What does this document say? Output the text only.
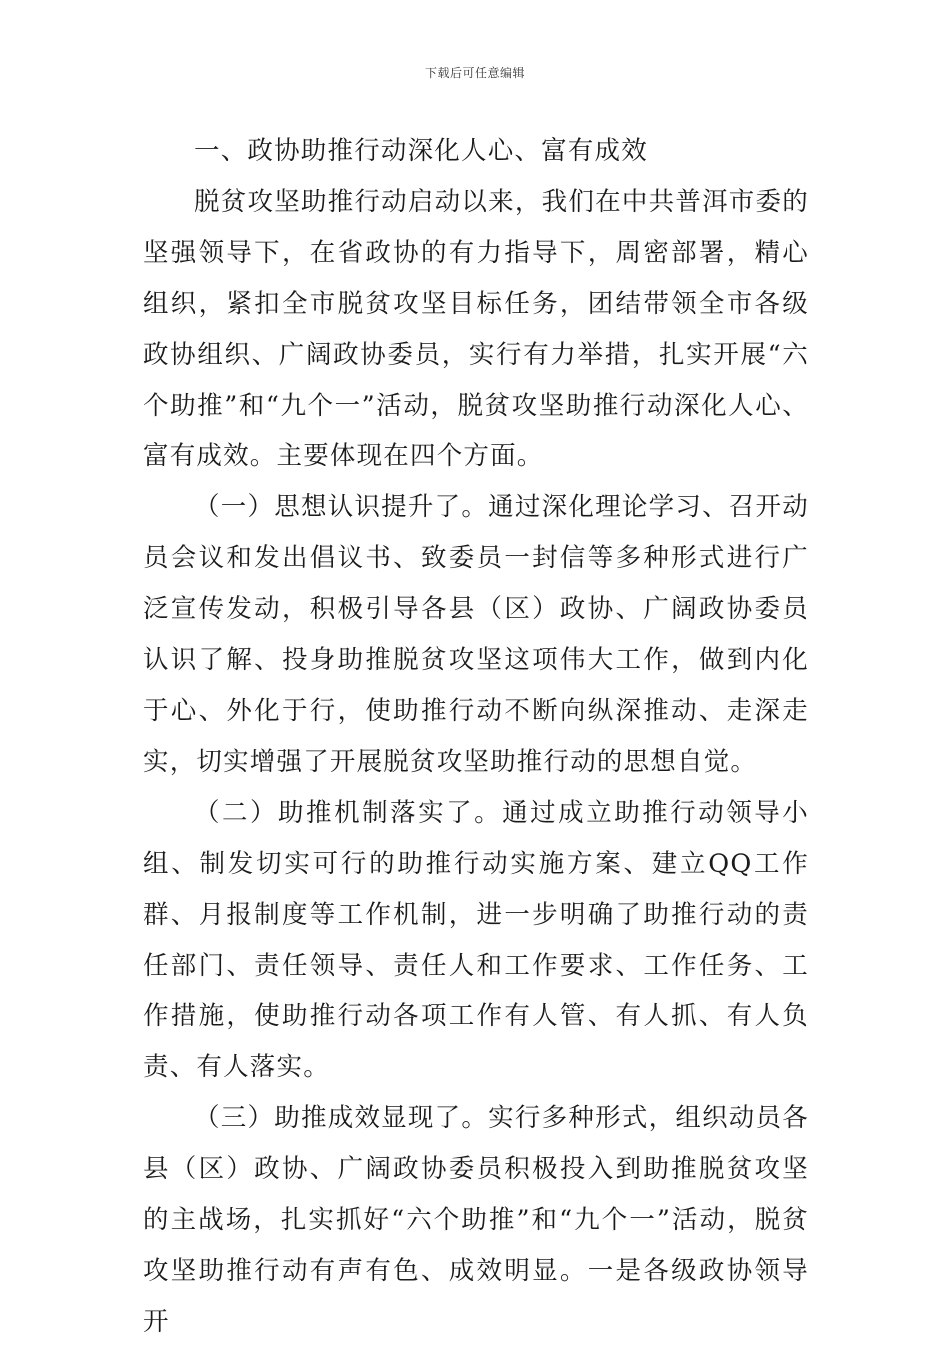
下载后可任意编辑

一、政协助推行动深化人心、富有成效

脱贫攻坚助推行动启动以来，我们在中共普洱市委的坚强领导下，在省政协的有力指导下，周密部署，精心组织，紧扣全市脱贫攻坚目标任务，团结带领全市各级政协组织、广阔政协委员，实行有力举措，扎实开展“六个助推”和“九个一”活动，脱贫攻坚助推行动深化人心、富有成效。主要体现在四个方面。

（一）思想认识提升了。通过深化理论学习、召开动员会议和发出倡议书、致委员一封信等多种形式进行广泛宣传发动，积极引导各县（区）政协、广阔政协委员认识了解、投身助推脱贫攻坚这项伟大工作，做到内化于心、外化于行，使助推行动不断向纵深推动、走深走实，切实增强了开展脱贫攻坚助推行动的思想自觉。

（二）助推机制落实了。通过成立助推行动领导小组、制发切实可行的助推行动实施方案、建立QQ工作群、月报制度等工作机制，进一步明确了助推行动的责任部门、责任领导、责任人和工作要求、工作任务、工作措施，使助推行动各项工作有人管、有人抓、有人负责、有人落实。

（三）助推成效显现了。实行多种形式，组织动员各县（区）政协、广阔政协委员积极投入到助推脱贫攻坚的主战场，扎实抓好“六个助推”和“九个一”活动，脱贫攻坚助推行动有声有色、成效明显。一是各级政协领导开
